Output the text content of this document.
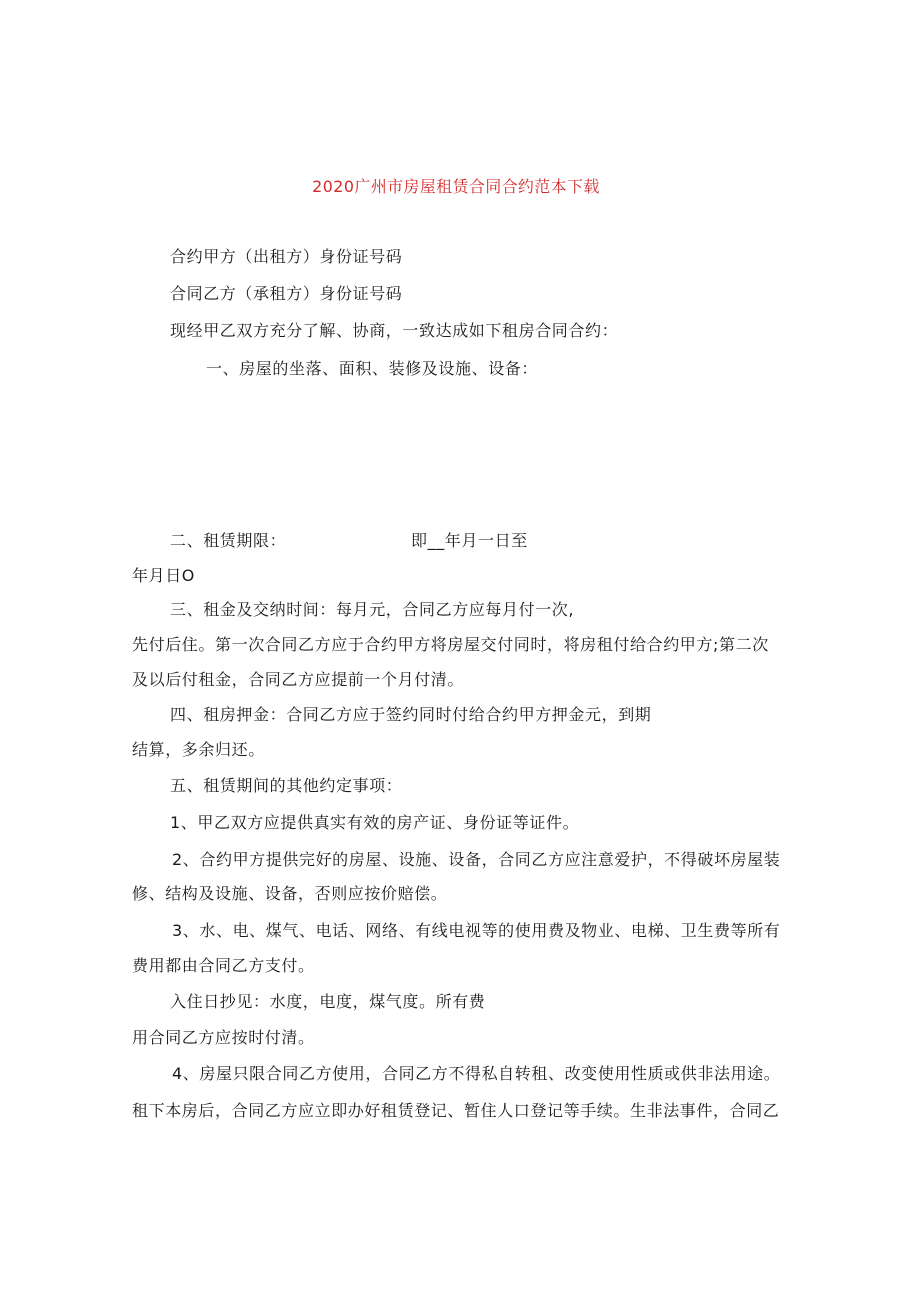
2020广州市房屋租赁合同合约范本下载
合约甲方（出租方）身份证号码
合同乙方（承租方）身份证号码
现经甲乙双方充分了解、协商，一致达成如下租房合同合约：
一、房屋的坐落、面积、装修及设施、设备：
二、租赁期限：	即__年月一日至
年月日O
三、租金及交纳时间：每月元，合同乙方应每月付一次,
先付后住。第一次合同乙方应于合约甲方将房屋交付同时，将房租付给合约甲方;第二次
及以后付租金，合同乙方应提前一个月付清。
四、租房押金：合同乙方应于签约同时付给合约甲方押金元，到期
结算，多余归还。
五、租赁期间的其他约定事项：
1、甲乙双方应提供真实有效的房产证、身份证等证件。
2、合约甲方提供完好的房屋、设施、设备，合同乙方应注意爱护，不得破坏房屋装
修、结构及设施、设备，否则应按价赔偿。
3、水、电、煤气、电话、网络、有线电视等的使用费及物业、电梯、卫生费等所有
费用都由合同乙方支付。
入住日抄见：水度，电度，煤气度。所有费
用合同乙方应按时付清。
4、房屋只限合同乙方使用，合同乙方不得私自转租、改变使用性质或供非法用途。
租下本房后，合同乙方应立即办好租赁登记、暂住人口登记等手续。生非法事件，合同乙
